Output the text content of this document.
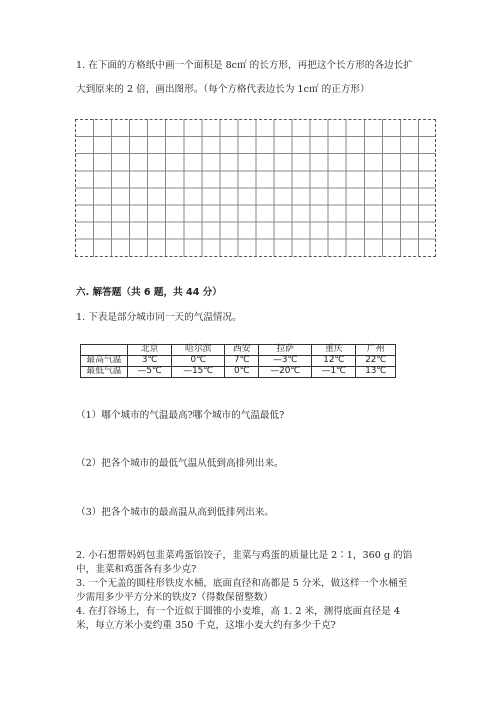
1. 在下面的方格纸中画一个面积是 8c㎡ 的长方形，再把这个长方形的各边长扩
大到原来的 2 倍，画出图形。（每个方格代表边长为 1c㎡ 的正方形）
六. 解答题（共 6 题，共 44 分）
1. 下表是部分城市同一天的气温情况。
	北京	哈尔滨	西安	拉萨	重庆	广州
最高气温	3℃	0℃	7℃	—3℃	12℃	22℃
最低气温	—5℃	—15℃	0℃	—20℃	—1℃	13℃
（1）哪个城市的气温最高?哪个城市的气温最低?
（2）把各个城市的最低气温从低到高排列出来。
（3）把各个城市的最高温从高到低排列出来。
2. 小石想帮妈妈包韭菜鸡蛋馅饺子，韭菜与鸡蛋的质量比是 2∶1，360 g 的馅
中，韭菜和鸡蛋各有多少克?
3. 一个无盖的圆柱形铁皮水桶，底面直径和高都是 5 分米，做这样一个水桶至
少需用多少平方分米的铁皮?（得数保留整数）
4. 在打谷场上，有一个近似于圆锥的小麦堆，高 1. 2 米，测得底面直径是 4
米，每立方米小麦约重 350 千克，这堆小麦大约有多少千克?
